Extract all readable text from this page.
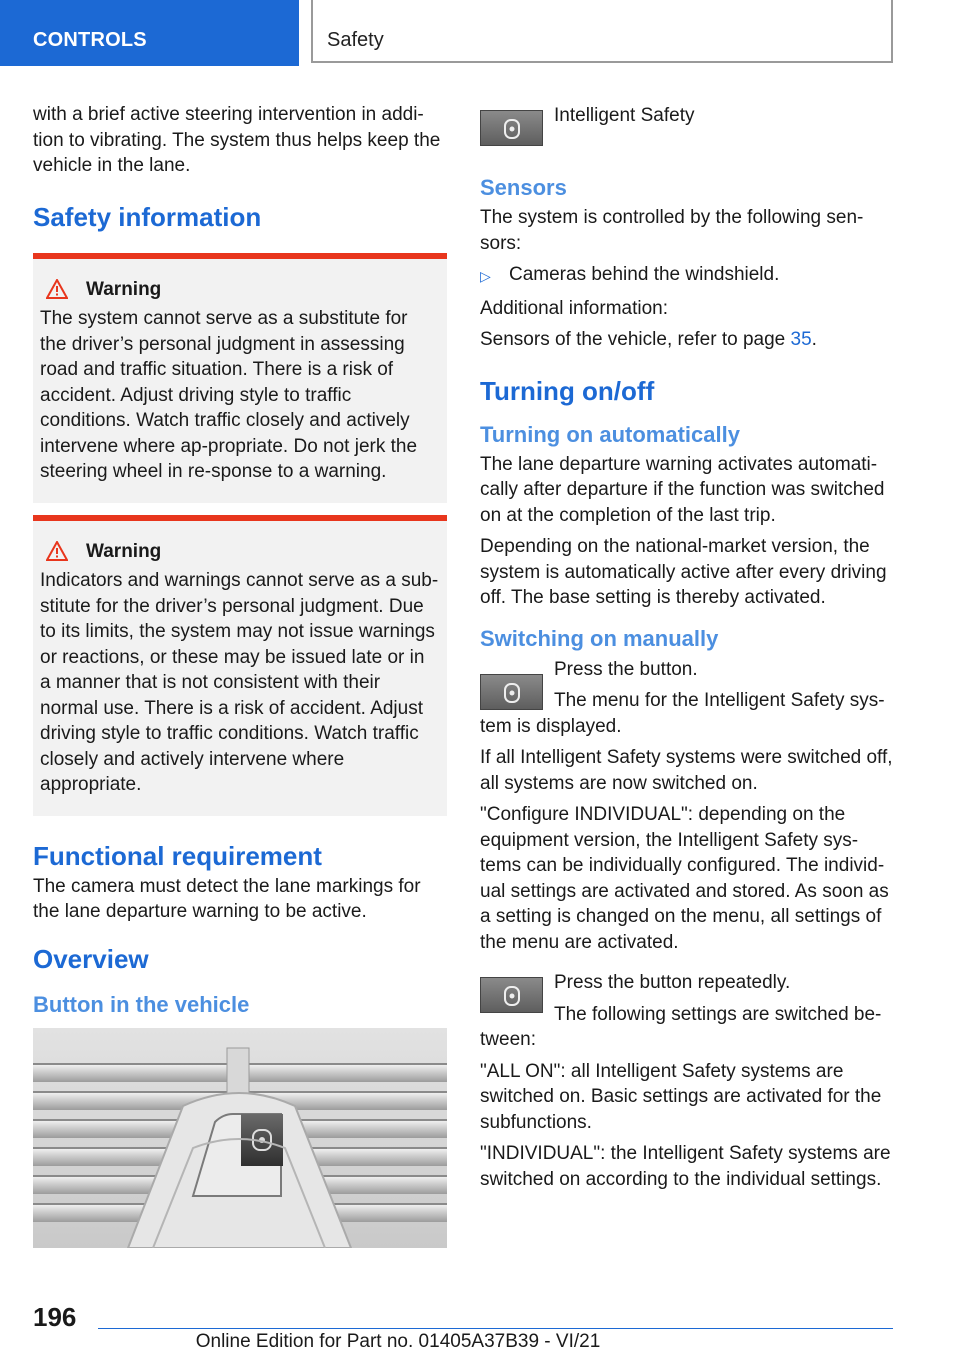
CONTROLS	Safety

with a brief active steering intervention in addi-tion to vibrating. The system thus helps keep the vehicle in the lane.

Safety information
Warning
The system cannot serve as a substitute for the driver’s personal judgment in assessing road and traffic situation. There is a risk of accident. Adjust driving style to traffic conditions. Watch traffic closely and actively intervene where ap-propriate. Do not jerk the steering wheel in re-sponse to a warning.
Warning
Indicators and warnings cannot serve as a sub-stitute for the driver’s personal judgment. Due to its limits, the system may not issue warnings or reactions, or these may be issued late or in a manner that is not consistent with their normal use. There is a risk of accident. Adjust driving style to traffic conditions. Watch traffic closely and actively intervene where appropriate.
Functional requirement

The camera must detect the lane markings for the lane departure warning to be active.

Overview
Button in the vehicle
Intelligent Safety
Sensors

The system is controlled by the following sen-sors:

▷ Cameras behind the windshield.

Additional information:

Sensors of the vehicle, refer to page 35.

Turning on/off
Turning on automatically

The lane departure warning activates automati-cally after departure if the function was switched on at the completion of the last trip.

Depending on the national-market version, the system is automatically active after every driving off. The base setting is thereby activated.

Switching on manually

Press the button.

The menu for the Intelligent Safety sys-

tem is displayed.

If all Intelligent Safety systems were switched off, all systems are now switched on.

"Configure INDIVIDUAL": depending on the equipment version, the Intelligent Safety sys-tems can be individually configured. The individ-ual settings are activated and stored. As soon as a setting is changed on the menu, all settings of the menu are activated.

Press the button repeatedly.

The following settings are switched be-

tween:

"ALL ON": all Intelligent Safety systems are switched on. Basic settings are activated for the subfunctions.

"INDIVIDUAL": the Intelligent Safety systems are switched on according to the individual settings.

196
Online Edition for Part no. 01405A37B39 - VI/21
